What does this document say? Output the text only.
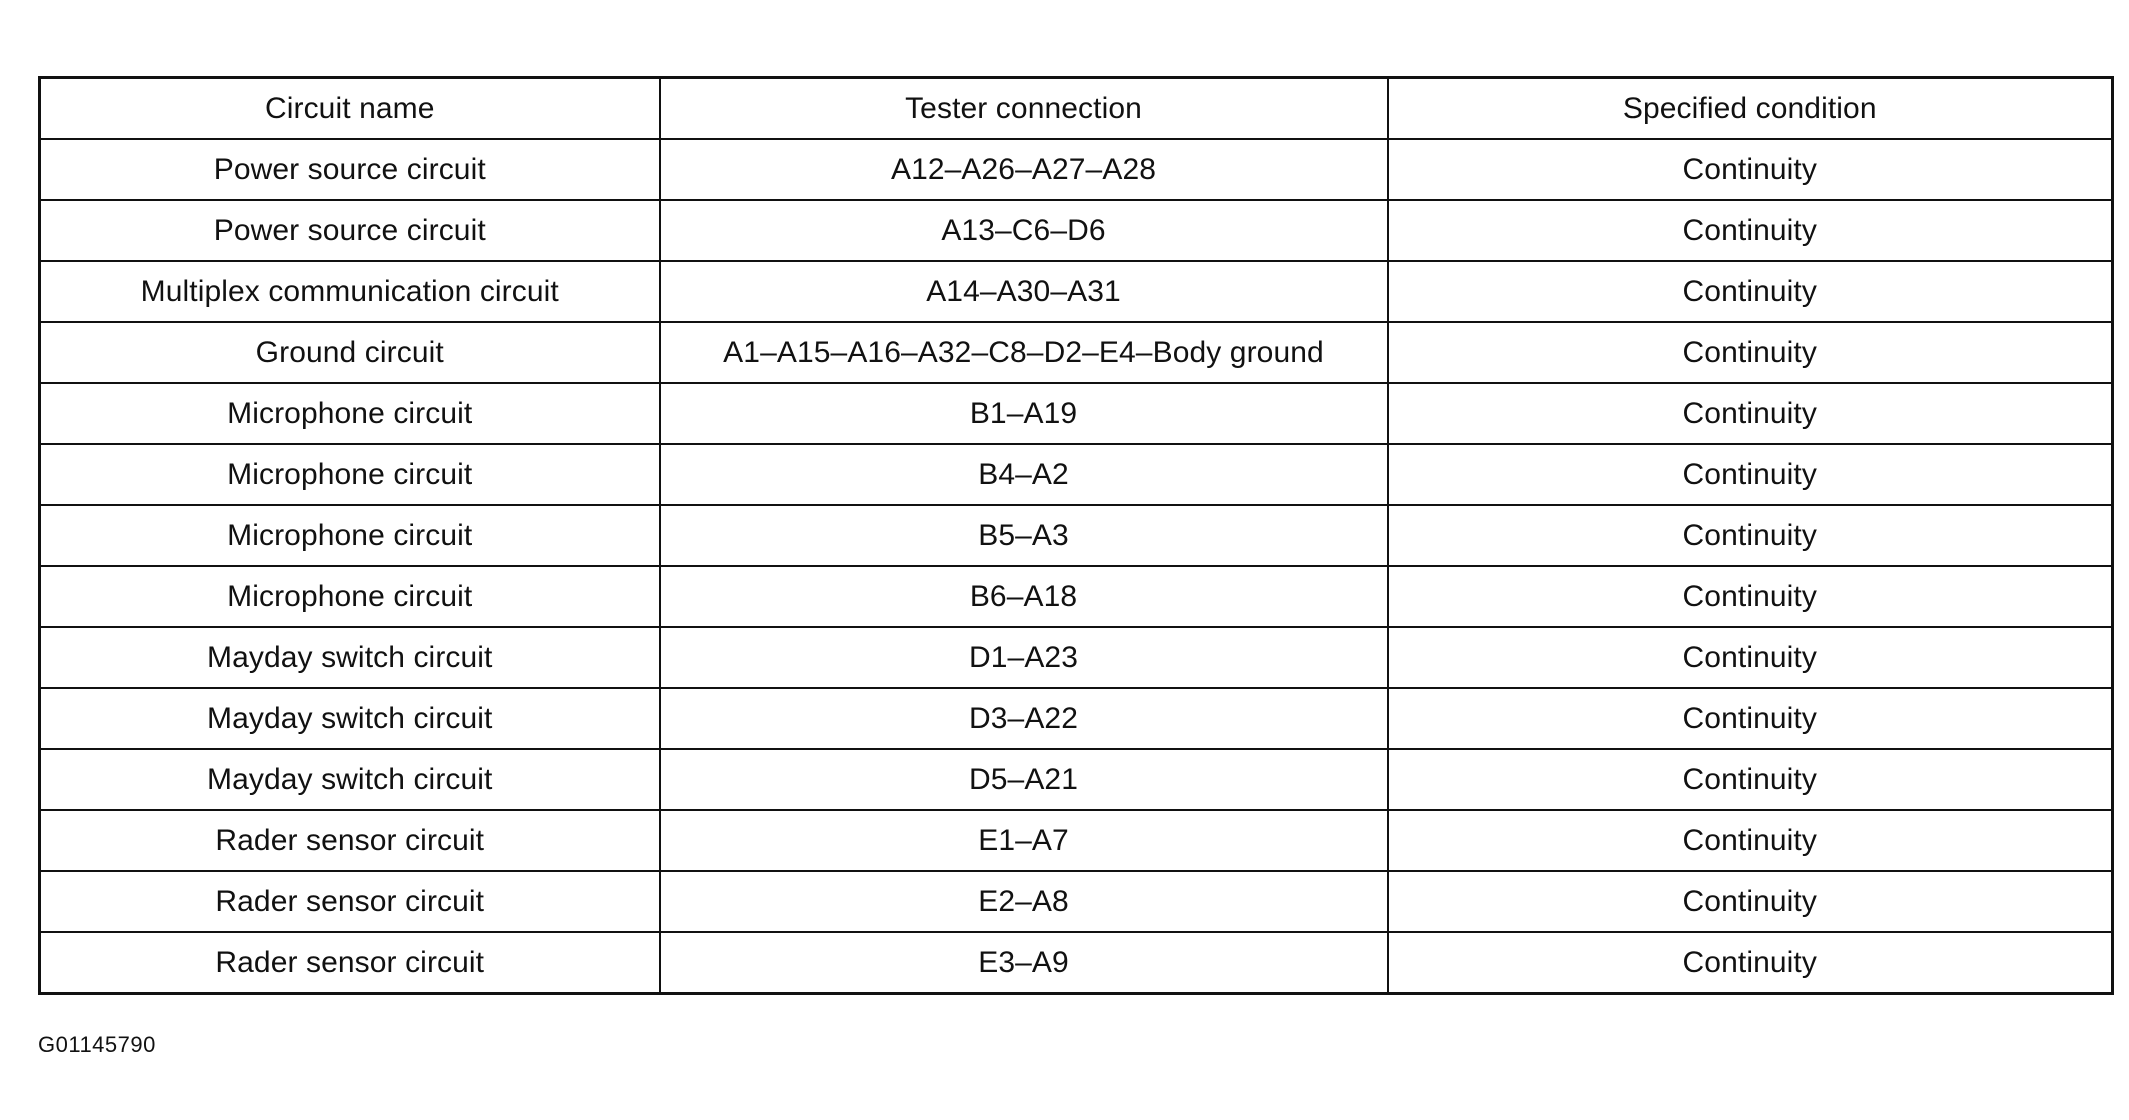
Circuit name	Tester connection	Specified condition
Power source circuit	A12–A26–A27–A28	Continuity
Power source circuit	A13–C6–D6	Continuity
Multiplex communication circuit	A14–A30–A31	Continuity
Ground circuit	A1–A15–A16–A32–C8–D2–E4–Body ground	Continuity
Microphone circuit	B1–A19	Continuity
Microphone circuit	B4–A2	Continuity
Microphone circuit	B5–A3	Continuity
Microphone circuit	B6–A18	Continuity
Mayday switch circuit	D1–A23	Continuity
Mayday switch circuit	D3–A22	Continuity
Mayday switch circuit	D5–A21	Continuity
Rader sensor circuit	E1–A7	Continuity
Rader sensor circuit	E2–A8	Continuity
Rader sensor circuit	E3–A9	Continuity
G01145790
